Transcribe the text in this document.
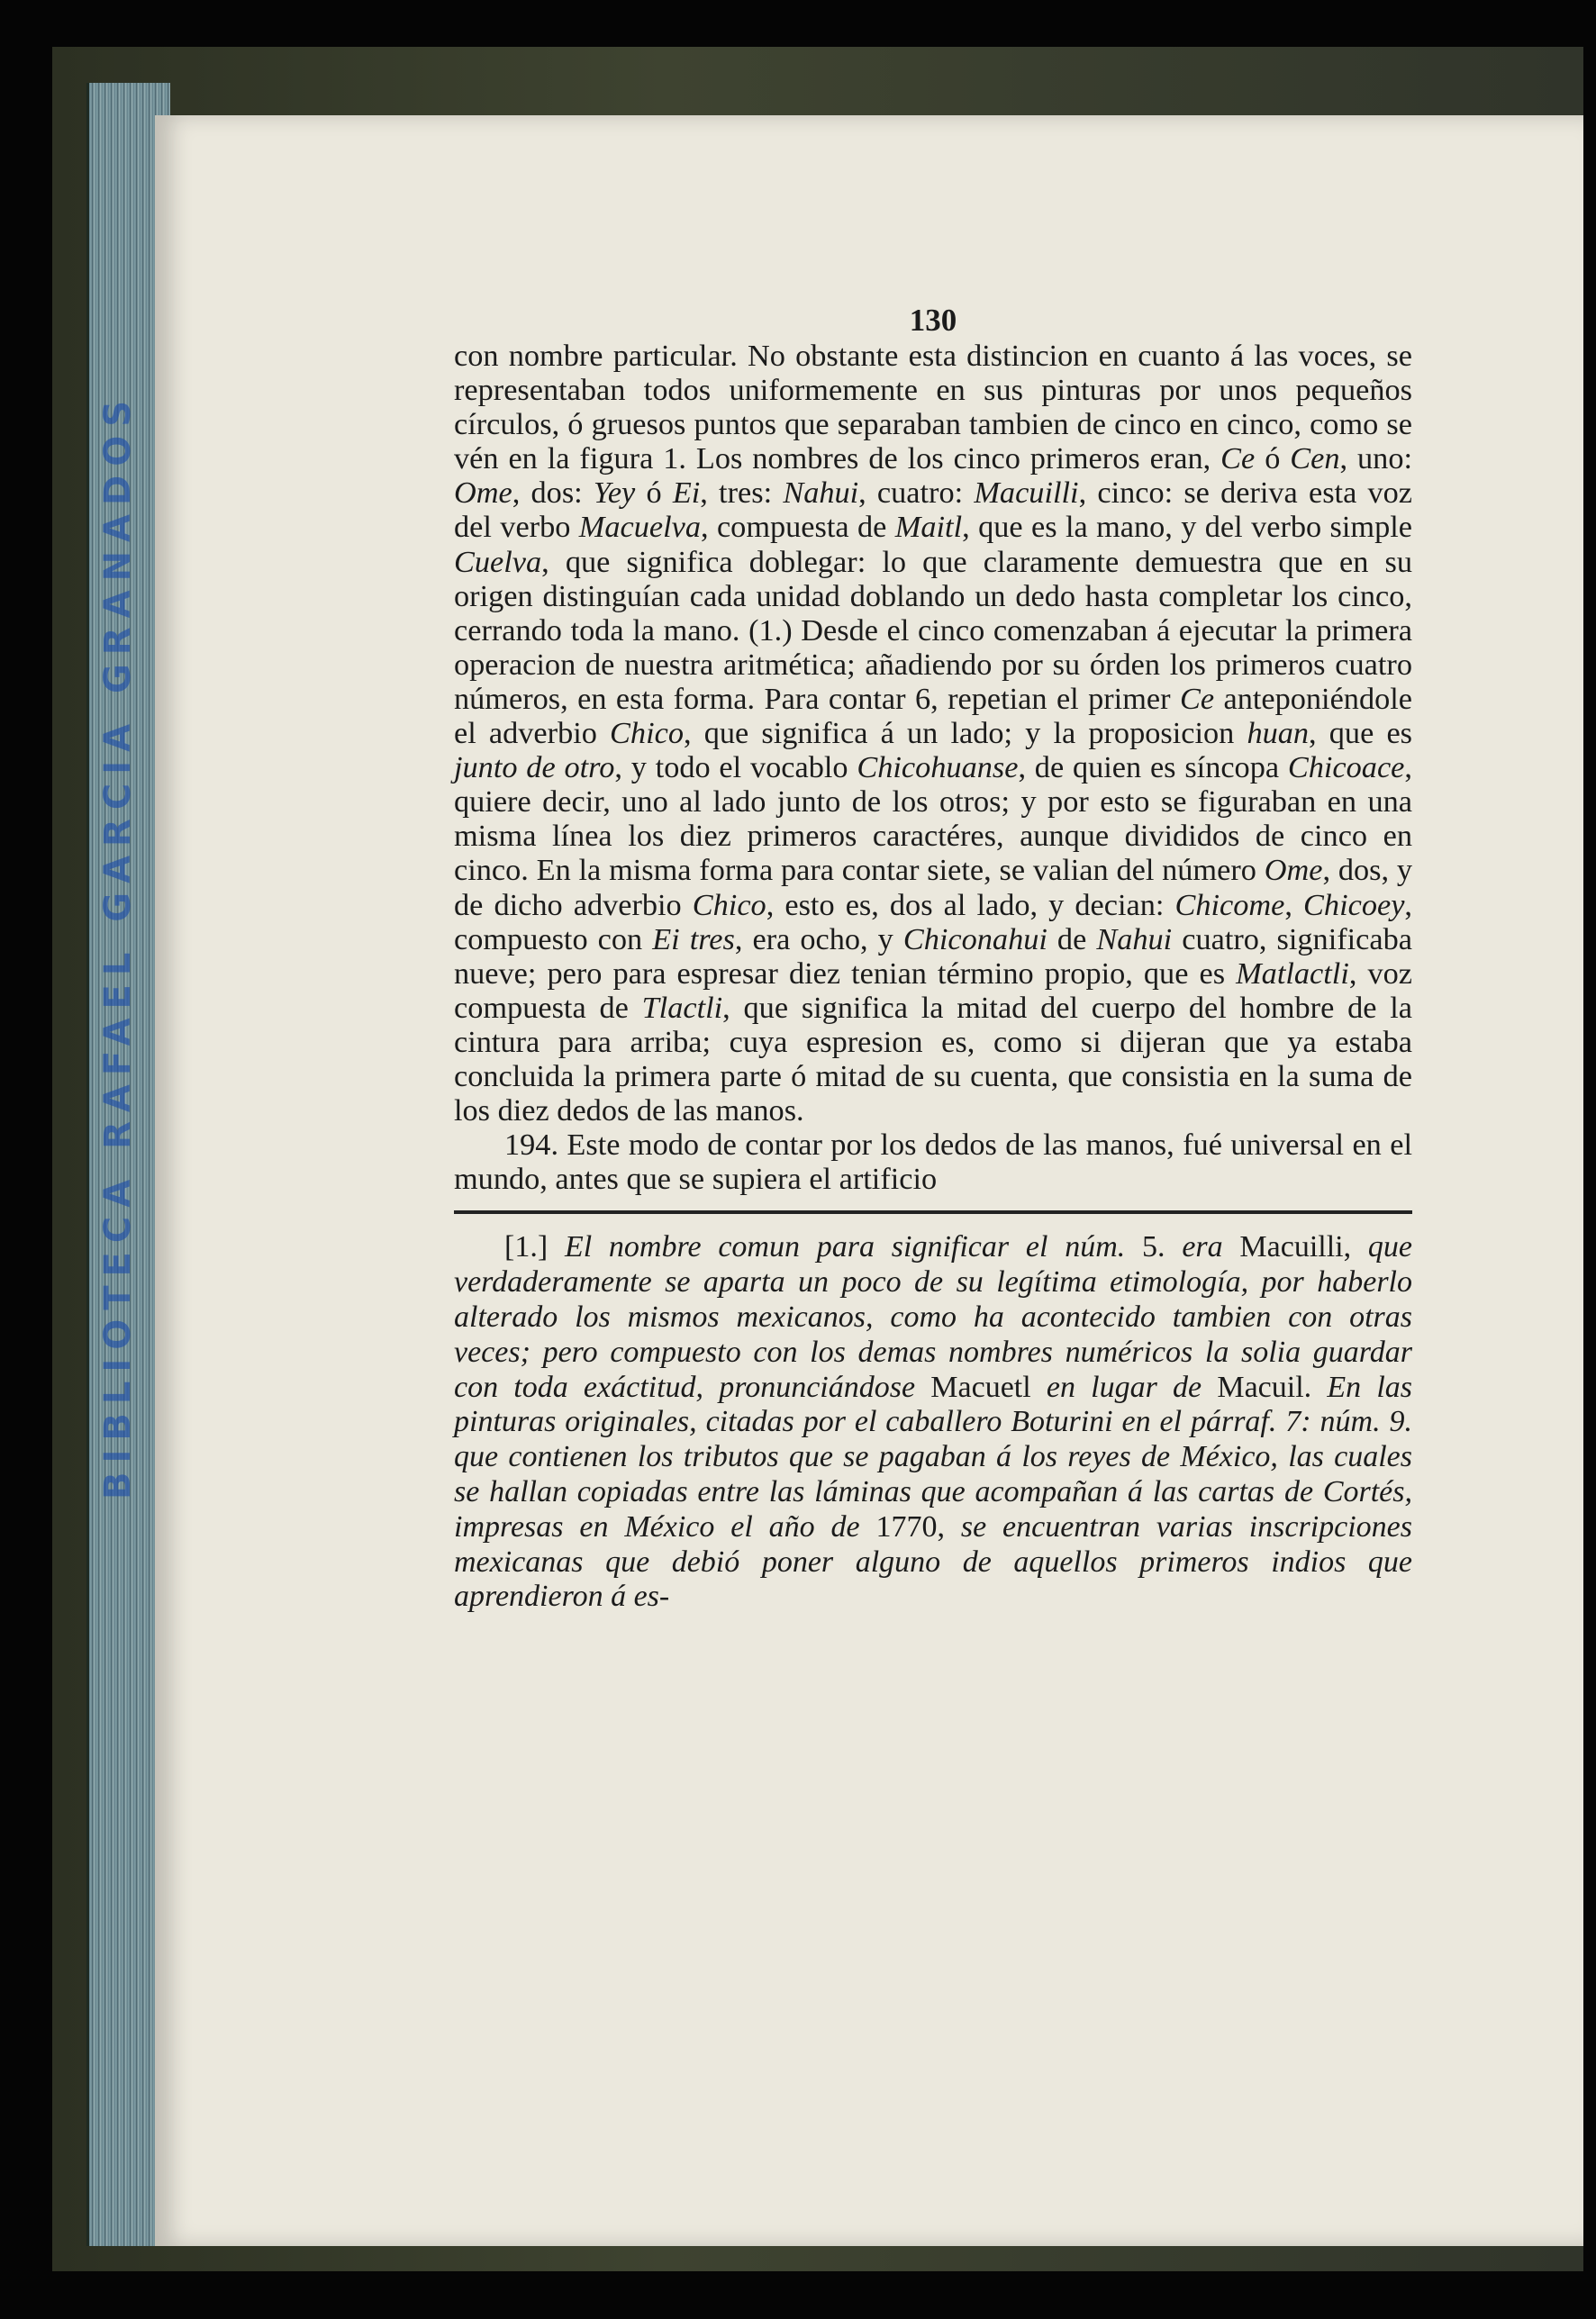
BIBLIOTECA RAFAEL GARCIA GRANADOS
130

con nombre particular. No obstante esta distincion en cuanto á las voces, se representaban todos uniformemente en sus pinturas por unos pequeños círculos, ó gruesos puntos que separaban tambien de cinco en cinco, como se vén en la figura 1. Los nombres de los cinco primeros eran, Ce ó Cen, uno: Ome, dos: Yey ó Ei, tres: Nahui, cuatro: Macuilli, cinco: se deriva esta voz del verbo Macuelva, compuesta de Maitl, que es la mano, y del verbo simple Cuelva, que significa doblegar: lo que claramente demuestra que en su origen distinguían cada unidad doblando un dedo hasta completar los cinco, cerrando toda la mano. (1.) Desde el cinco comenzaban á ejecutar la primera operacion de nuestra aritmética; añadiendo por su órden los primeros cuatro números, en esta forma. Para contar 6, repetian el primer Ce anteponiéndole el adverbio Chico, que significa á un lado; y la proposicion huan, que es junto de otro, y todo el vocablo Chicohuanse, de quien es síncopa Chicoace, quiere decir, uno al lado junto de los otros; y por esto se figuraban en una misma línea los diez primeros caractéres, aunque divididos de cinco en cinco. En la misma forma para contar siete, se valian del número Ome, dos, y de dicho adverbio Chico, esto es, dos al lado, y decian: Chicome, Chicoey, compuesto con Ei tres, era ocho, y Chiconahui de Nahui cuatro, significaba nueve; pero para espresar diez tenian término propio, que es Matlactli, voz compuesta de Tlactli, que significa la mitad del cuerpo del hombre de la cintura para arriba; cuya espresion es, como si dijeran que ya estaba concluida la primera parte ó mitad de su cuenta, que consistia en la suma de los diez dedos de las manos.

194. Este modo de contar por los dedos de las manos, fué universal en el mundo, antes que se supiera el artificio

[1.] El nombre comun para significar el núm. 5. era Macuilli, que verdaderamente se aparta un poco de su legítima etimología, por haberlo alterado los mismos mexicanos, como ha acontecido tambien con otras veces; pero compuesto con los demas nombres numéricos la solia guardar con toda exáctitud, pronunciándose Macuetl en lugar de Macuil. En las pinturas originales, citadas por el caballero Boturini en el párraf. 7: núm. 9. que contienen los tributos que se pagaban á los reyes de México, las cuales se hallan copiadas entre las láminas que acompañan á las cartas de Cortés, impresas en México el año de 1770, se encuentran varias inscripciones mexicanas que debió poner alguno de aquellos primeros indios que aprendieron á es-
